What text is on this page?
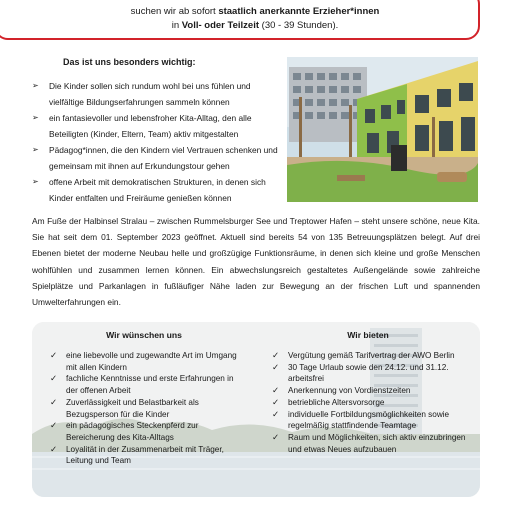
suchen wir ab sofort staatlich anerkannte Erzieher*innen
in Voll- oder Teilzeit (30 - 39 Stunden).
Das ist uns besonders wichtig:
➢ Die Kinder sollen sich rundum wohl bei uns fühlen und vielfältige Bildungserfahrungen sammeln können
➢ ein fantasievoller und lebensfroher Kita-Alltag, den alle Beteiligten (Kinder, Eltern, Team) aktiv mitgestalten
➢ Pädagog*innen, die den Kindern viel Vertrauen schenken und gemeinsam mit ihnen auf Erkundungstour gehen
➢ offene Arbeit mit demokratischen Strukturen, in denen sich Kinder entfalten und Freiräume genießen können

Am Fuße der Halbinsel Stralau – zwischen Rummelsburger See und Treptower Hafen – steht unsere schöne, neue Kita. Sie hat seit dem 01. September 2023 geöffnet. Aktuell sind bereits 54 von 135 Betreuungsplätzen belegt. Auf drei Ebenen bietet der moderne Neubau helle und großzügige Funktionsräume, in denen sich kleine und große Menschen wohlfühlen und zusammen lernen können. Ein abwechslungsreich gestaltetes Außengelände sowie zahlreiche Spielplätze und Parkanlagen in fußläufiger Nähe laden zur Bewegung an der frischen Luft und spannenden Umwelterfahrungen ein.

Wir wünschen uns
✓ eine liebevolle und zugewandte Art im Umgang mit allen Kindern
✓ fachliche Kenntnisse und erste Erfahrungen in der offenen Arbeit
✓ Zuverlässigkeit und Belastbarkeit als Bezugsperson für die Kinder
✓ ein pädagogisches Steckenpferd zur Bereicherung des Kita-Alltags
✓ Loyalität in der Zusammenarbeit mit Träger, Leitung und Team
Wir bieten
✓ Vergütung gemäß Tarifvertrag der AWO Berlin
✓ 30 Tage Urlaub sowie den 24.12. und 31.12. arbeitsfrei
✓ Anerkennung von Vordienstzeiten
✓ betriebliche Altersvorsorge
✓ individuelle Fortbildungsmöglichkeiten sowie regelmäßig stattfindende Teamtage
✓ Raum und Möglichkeiten, sich aktiv einzubringen und etwas Neues aufzubauen
